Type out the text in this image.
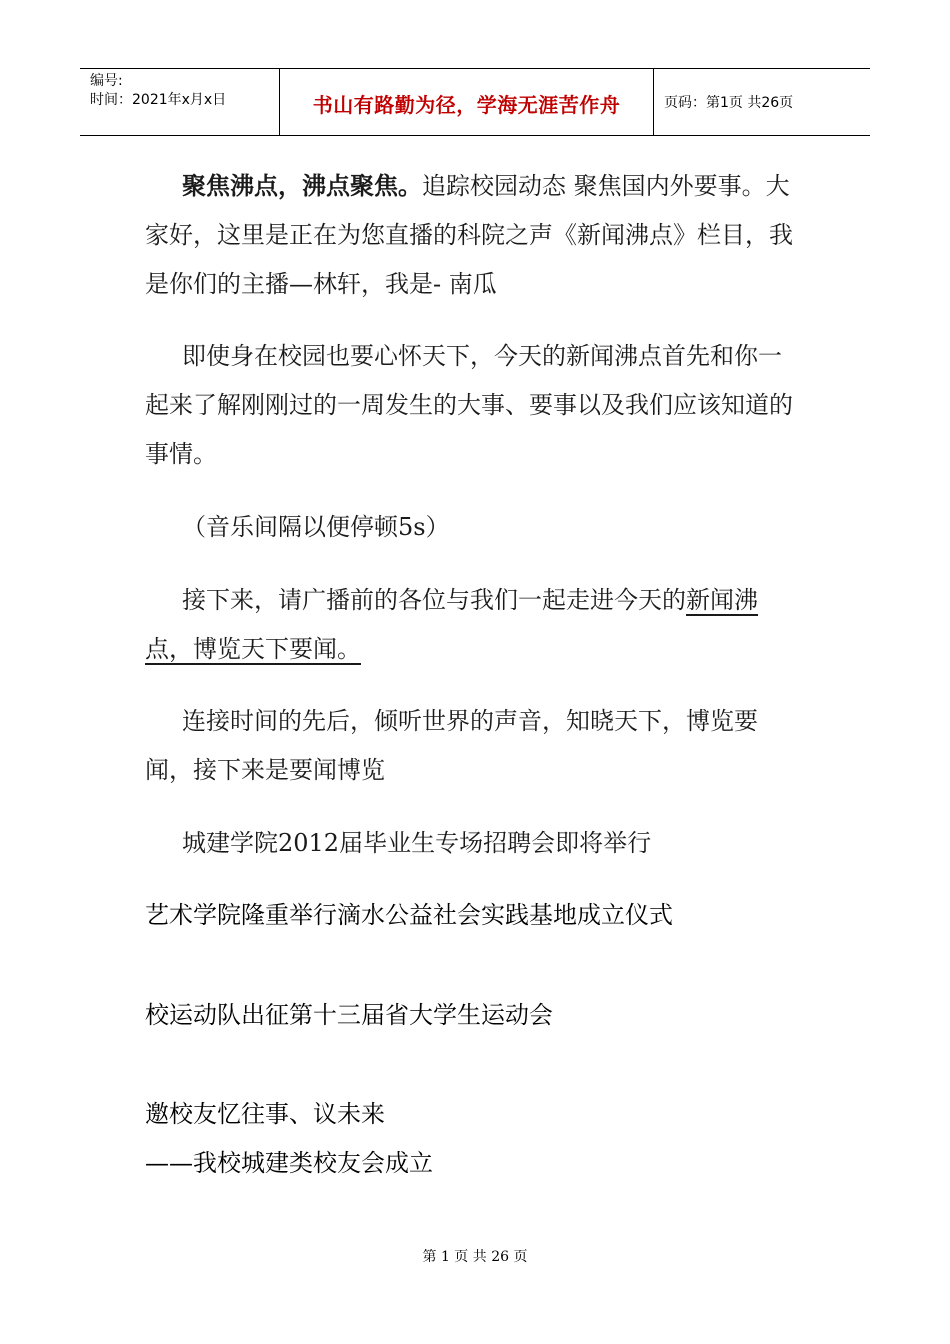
编号:
时间：2021年x月x日	书山有路勤为径，学海无涯苦作舟	页码：第1页 共26页
聚焦沸点，沸点聚焦。追踪校园动态 聚焦国内外要事。大家好，这里是正在为您直播的科院之声《新闻沸点》栏目，我是你们的主播—林轩，我是- 南瓜
即使身在校园也要心怀天下，今天的新闻沸点首先和你一起来了解刚刚过的一周发生的大事、要事以及我们应该知道的事情。
（音乐间隔以便停顿5s）
接下来，请广播前的各位与我们一起走进今天的新闻沸点，博览天下要闻。
连接时间的先后，倾听世界的声音，知晓天下，博览要闻，接下来是要闻博览
城建学院2012届毕业生专场招聘会即将举行
艺术学院隆重举行滴水公益社会实践基地成立仪式
校运动队出征第十三届省大学生运动会
邀校友忆往事、议未来
——我校城建类校友会成立
第 1 页 共 26 页
